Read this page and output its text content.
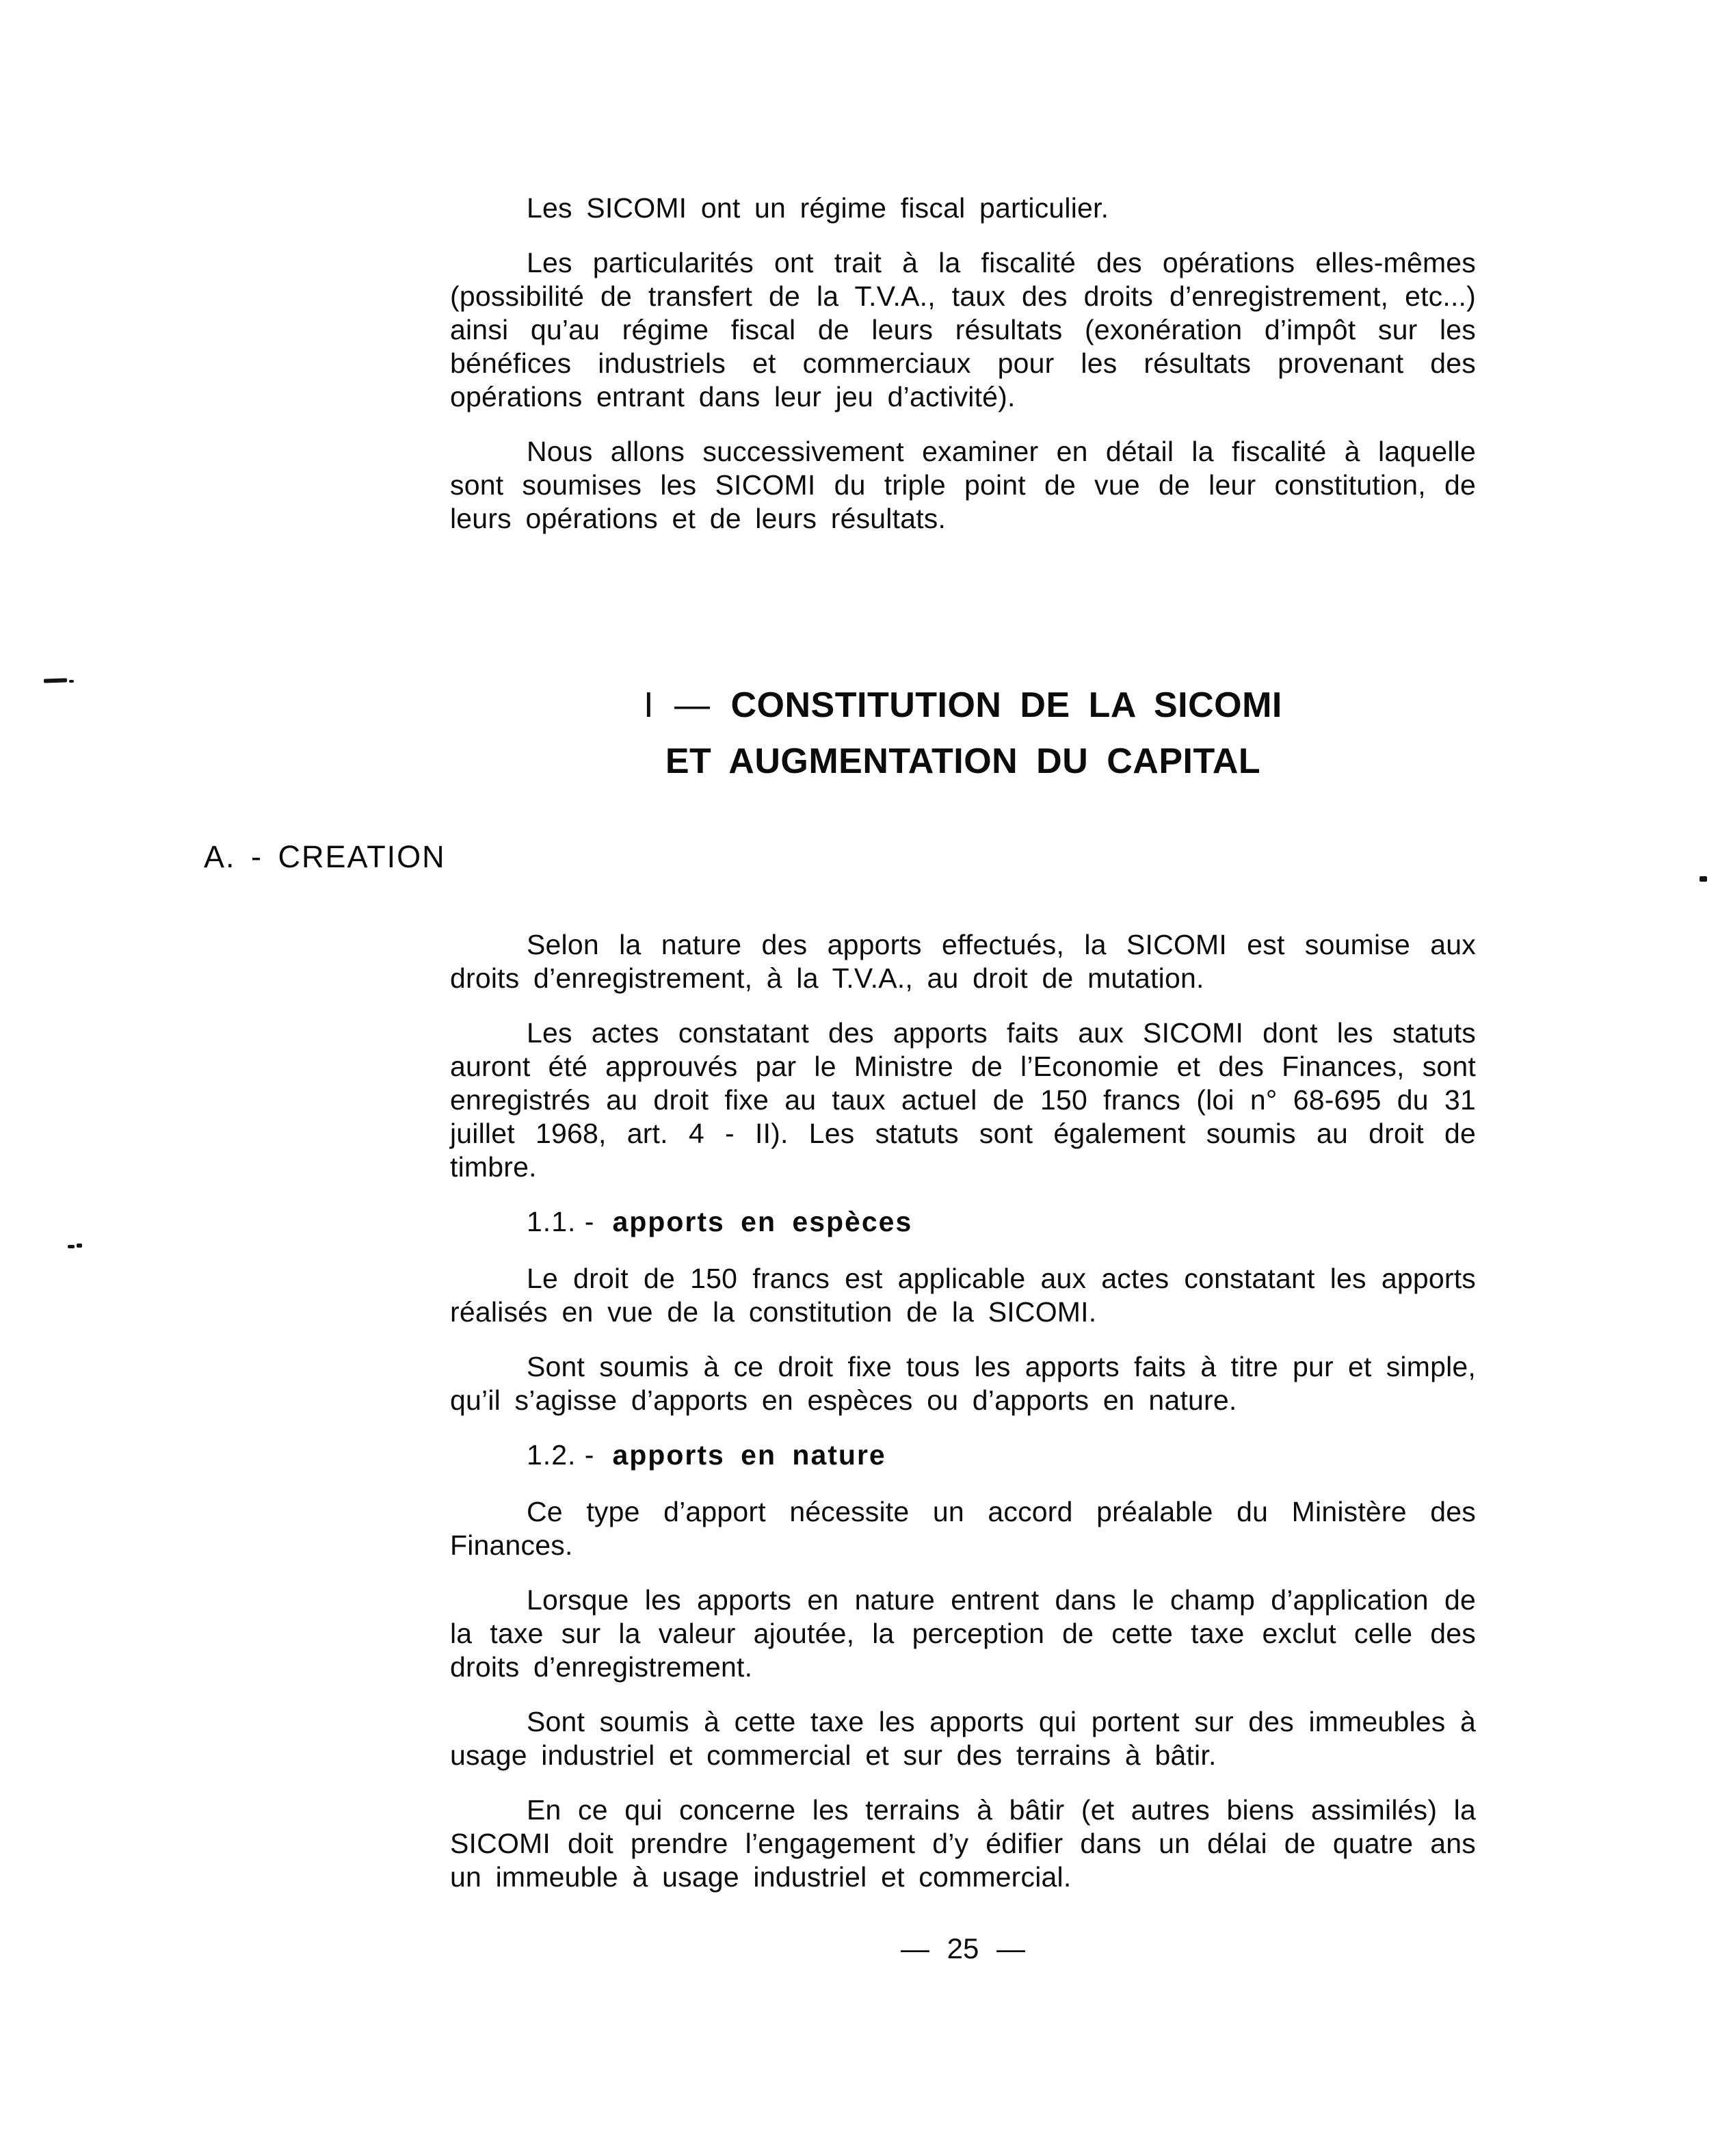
Les SICOMI ont un régime fiscal particulier.

Les particularités ont trait à la fiscalité des opérations elles-mêmes (possibilité de transfert de la T.V.A., taux des droits d’enregistrement, etc...) ainsi qu’au régime fiscal de leurs résultats (exonération d’impôt sur les bénéfices industriels et commerciaux pour les résultats provenant des opérations entrant dans leur jeu d’activité).

Nous allons successivement examiner en détail la fiscalité à laquelle sont soumises les SICOMI du triple point de vue de leur constitution, de leurs opérations et de leurs résultats.

I — CONSTITUTION DE LA SICOMI
ET AUGMENTATION DU CAPITAL
A. - CREATION

Selon la nature des apports effectués, la SICOMI est soumise aux droits d’enregistrement, à la T.V.A., au droit de mutation.

Les actes constatant des apports faits aux SICOMI dont les statuts auront été approuvés par le Ministre de l’Economie et des Finances, sont enregistrés au droit fixe au taux actuel de 150 francs (loi n° 68-695 du 31 juillet 1968, art. 4 - II). Les statuts sont également soumis au droit de timbre.

1.1. - apports en espèces

Le droit de 150 francs est applicable aux actes constatant les apports réalisés en vue de la constitution de la SICOMI.

Sont soumis à ce droit fixe tous les apports faits à titre pur et simple, qu’il s’agisse d’apports en espèces ou d’apports en nature.

1.2. - apports en nature

Ce type d’apport nécessite un accord préalable du Ministère des Finances.

Lorsque les apports en nature entrent dans le champ d’application de la taxe sur la valeur ajoutée, la perception de cette taxe exclut celle des droits d’enregistrement.

Sont soumis à cette taxe les apports qui portent sur des immeubles à usage industriel et commercial et sur des terrains à bâtir.

En ce qui concerne les terrains à bâtir (et autres biens assimilés) la SICOMI doit prendre l’engagement d’y édifier dans un délai de quatre ans un immeuble à usage industriel et commercial.

— 25 —
